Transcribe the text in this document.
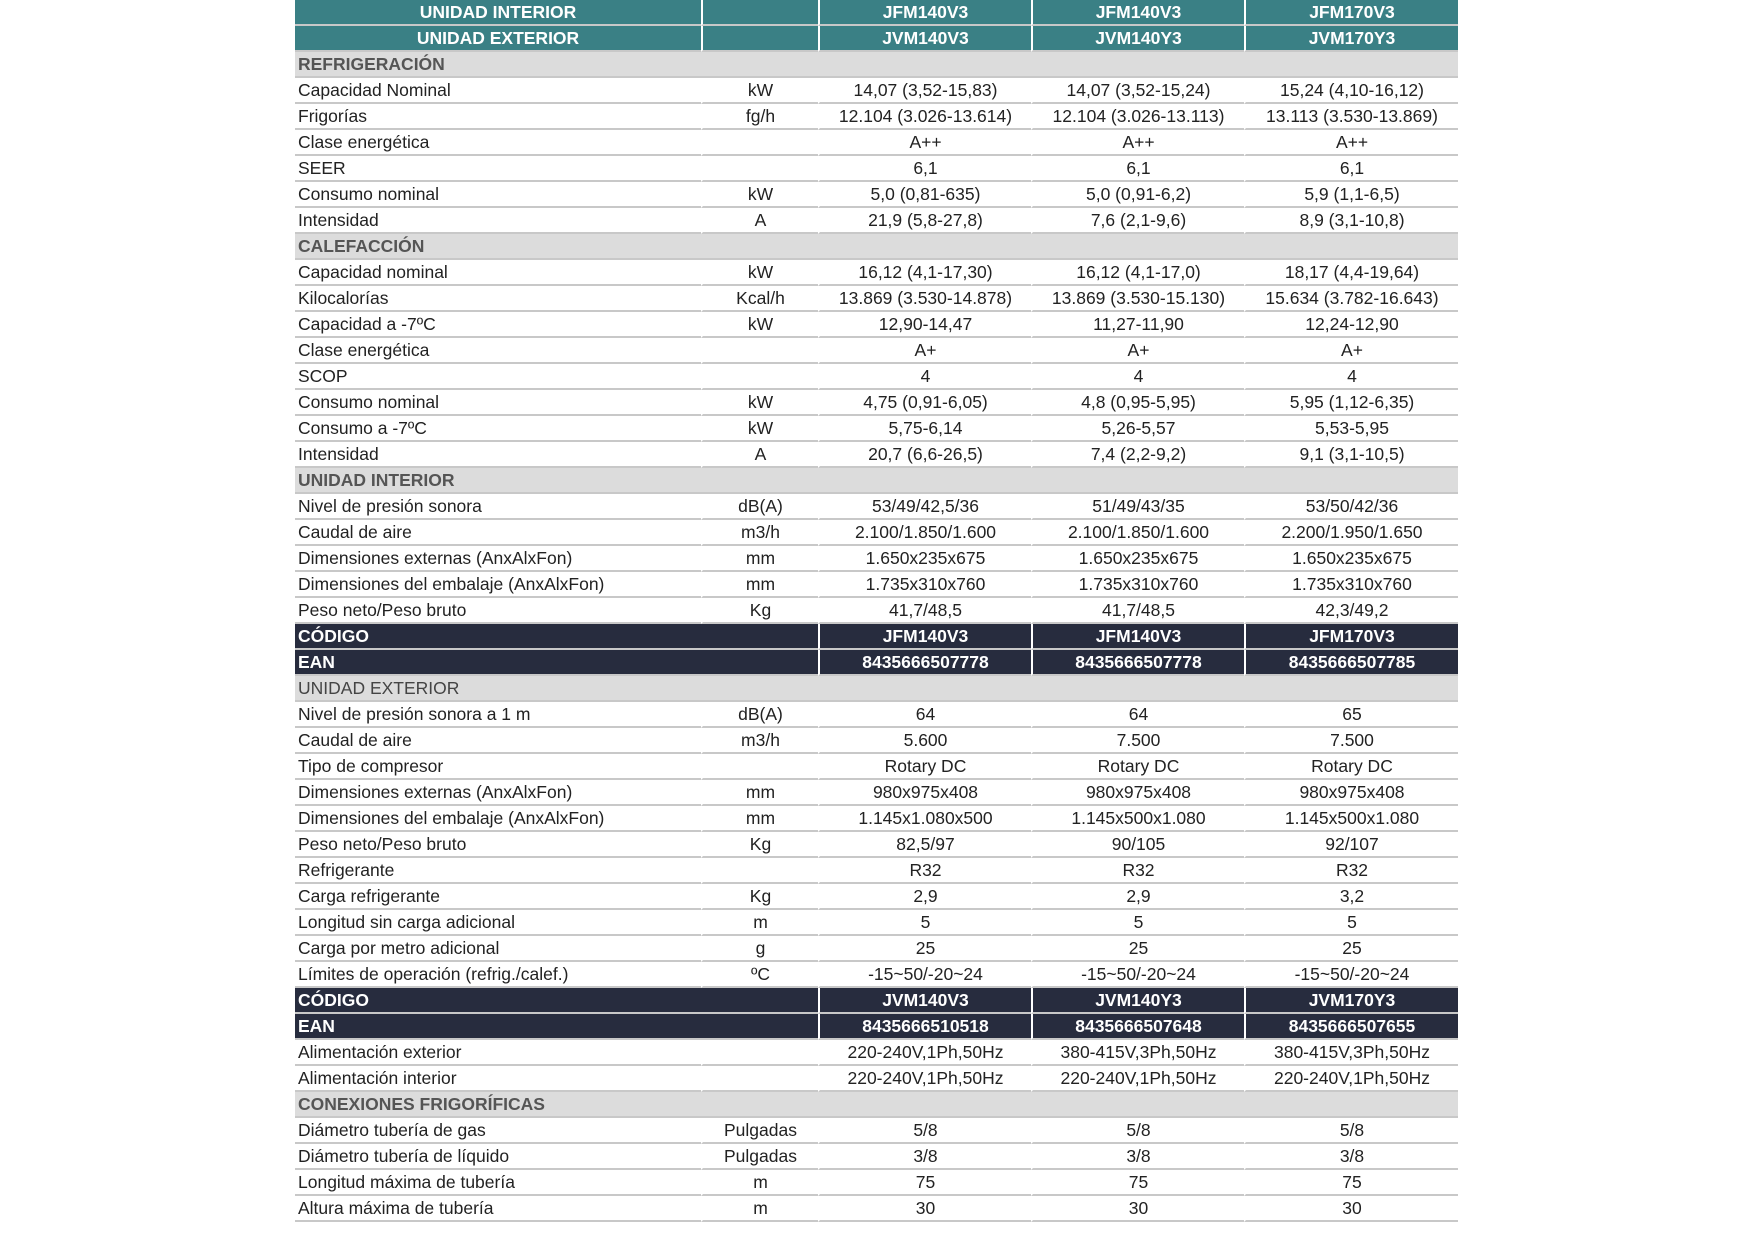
UNIDAD INTERIOR		JFM140V3	JFM140V3	JFM170V3
UNIDAD EXTERIOR		JVM140V3	JVM140Y3	JVM170Y3
REFRIGERACIÓN				
Capacidad Nominal	kW	14,07 (3,52-15,83)	14,07 (3,52-15,24)	15,24 (4,10-16,12)
Frigorías	fg/h	12.104 (3.026-13.614)	12.104 (3.026-13.113)	13.113 (3.530-13.869)
Clase energética		A++	A++	A++
SEER		6,1	6,1	6,1
Consumo nominal	kW	5,0 (0,81-635)	5,0 (0,91-6,2)	5,9 (1,1-6,5)
Intensidad	A	21,9 (5,8-27,8)	7,6 (2,1-9,6)	8,9 (3,1-10,8)
CALEFACCIÓN				
Capacidad nominal	kW	16,12 (4,1-17,30)	16,12 (4,1-17,0)	18,17 (4,4-19,64)
Kilocalorías	Kcal/h	13.869 (3.530-14.878)	13.869 (3.530-15.130)	15.634 (3.782-16.643)
Capacidad a -7ºC	kW	12,90-14,47	11,27-11,90	12,24-12,90
Clase energética		A+	A+	A+
SCOP		4	4	4
Consumo nominal	kW	4,75 (0,91-6,05)	4,8 (0,95-5,95)	5,95 (1,12-6,35)
Consumo a -7ºC	kW	5,75-6,14	5,26-5,57	5,53-5,95
Intensidad	A	20,7 (6,6-26,5)	7,4 (2,2-9,2)	9,1 (3,1-10,5)
UNIDAD INTERIOR				
Nivel de presión sonora	dB(A)	53/49/42,5/36	51/49/43/35	53/50/42/36
Caudal de aire	m3/h	2.100/1.850/1.600	2.100/1.850/1.600	2.200/1.950/1.650
Dimensiones externas (AnxAlxFon)	mm	1.650x235x675	1.650x235x675	1.650x235x675
Dimensiones del embalaje (AnxAlxFon)	mm	1.735x310x760	1.735x310x760	1.735x310x760
Peso neto/Peso bruto	Kg	41,7/48,5	41,7/48,5	42,3/49,2
CÓDIGO		JFM140V3	JFM140V3	JFM170V3
EAN		8435666507778	8435666507778	8435666507785
UNIDAD EXTERIOR				
Nivel de presión sonora a 1 m	dB(A)	64	64	65
Caudal de aire	m3/h	5.600	7.500	7.500
Tipo de compresor		Rotary DC	Rotary DC	Rotary DC
Dimensiones externas (AnxAlxFon)	mm	980x975x408	980x975x408	980x975x408
Dimensiones del embalaje (AnxAlxFon)	mm	1.145x1.080x500	1.145x500x1.080	1.145x500x1.080
Peso neto/Peso bruto	Kg	82,5/97	90/105	92/107
Refrigerante		R32	R32	R32
Carga refrigerante	Kg	2,9	2,9	3,2
Longitud sin carga adicional	m	5	5	5
Carga por metro adicional	g	25	25	25
Límites de operación (refrig./calef.)	ºC	-15~50/-20~24	-15~50/-20~24	-15~50/-20~24
CÓDIGO		JVM140V3	JVM140Y3	JVM170Y3
EAN		8435666510518	8435666507648	8435666507655
Alimentación exterior		220-240V,1Ph,50Hz	380-415V,3Ph,50Hz	380-415V,3Ph,50Hz
Alimentación interior		220-240V,1Ph,50Hz	220-240V,1Ph,50Hz	220-240V,1Ph,50Hz
CONEXIONES FRIGORÍFICAS				
Diámetro tubería de gas	Pulgadas	5/8	5/8	5/8
Diámetro tubería de líquido	Pulgadas	3/8	3/8	3/8
Longitud máxima de tubería	m	75	75	75
Altura máxima de tubería	m	30	30	30
